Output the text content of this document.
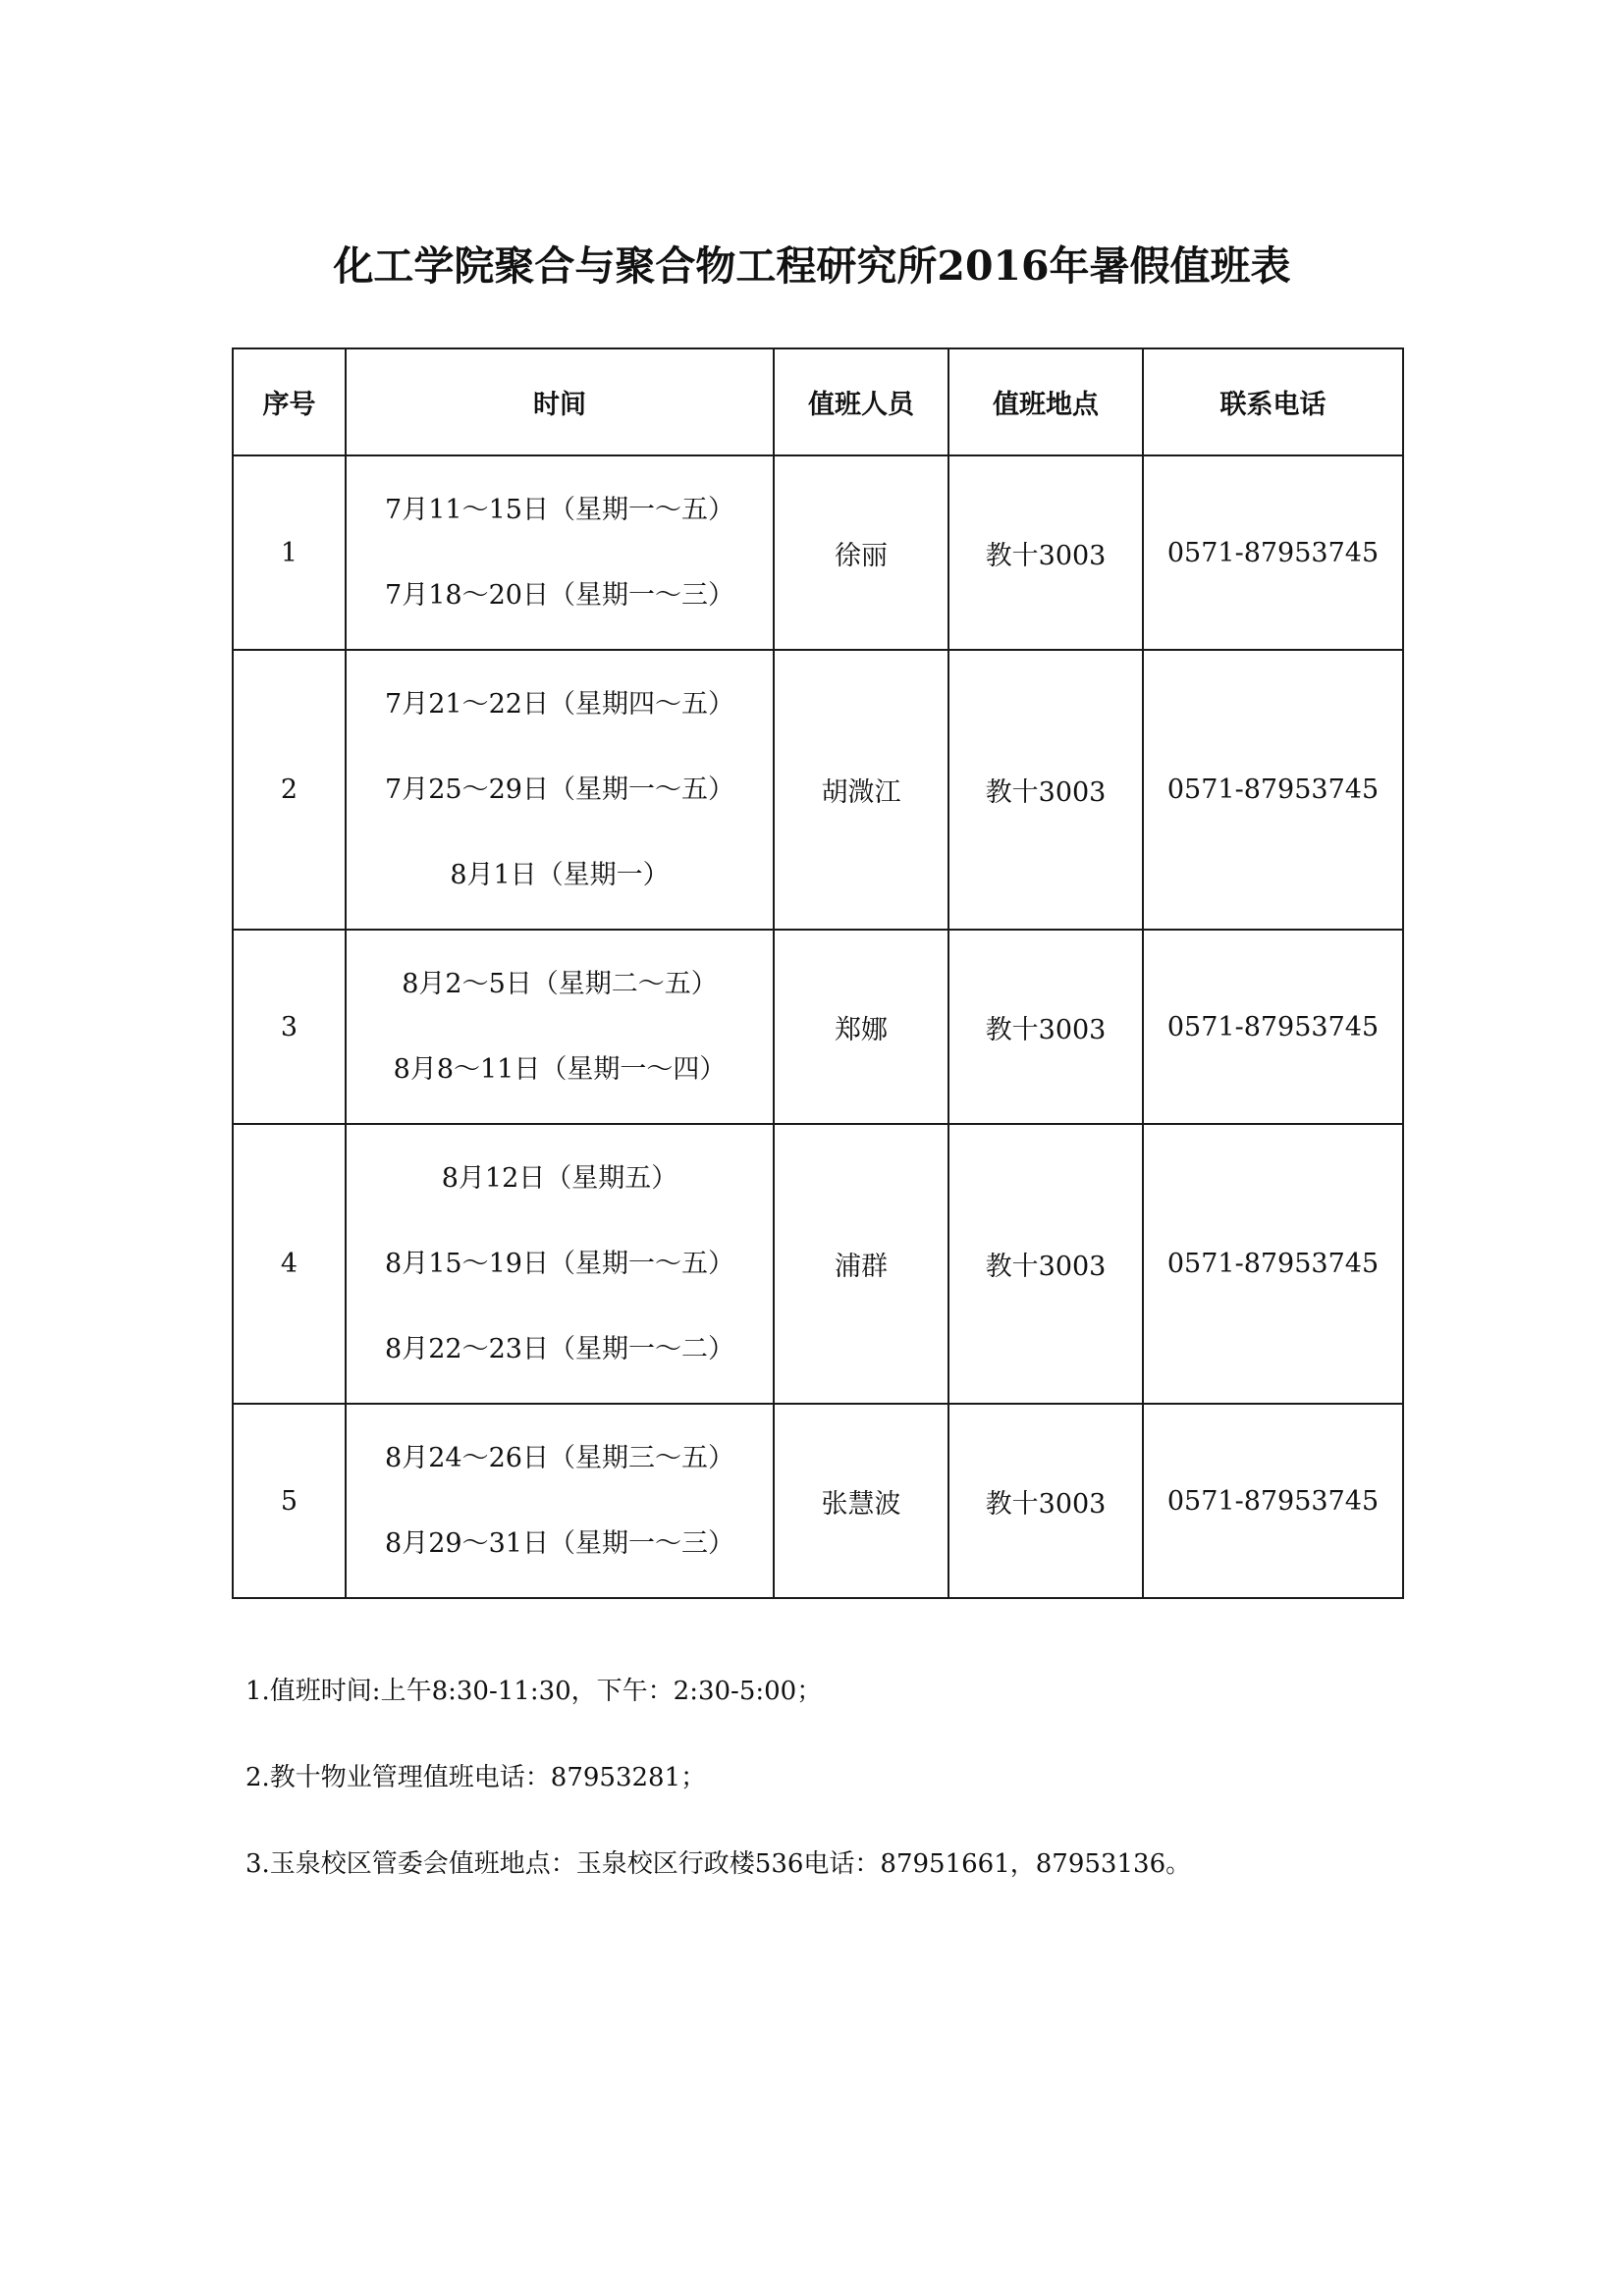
化工学院聚合与聚合物工程研究所2016年暑假值班表
序号	时间	值班人员	值班地点	联系电话
1	7月11～15日（星期一～五）
7月18～20日（星期一～三）	徐丽	教十3003	0571-87953745
2	7月21～22日（星期四～五）
7月25～29日（星期一～五）
8月1日（星期一）	胡溦江	教十3003	0571-87953745
3	8月2～5日（星期二～五）
8月8～11日（星期一～四）	郑娜	教十3003	0571-87953745
4	8月12日（星期五）
8月15～19日（星期一～五）
8月22～23日（星期一～二）	浦群	教十3003	0571-87953745
5	8月24～26日（星期三～五）
8月29～31日（星期一～三）	张慧波	教十3003	0571-87953745
1.值班时间:上午8:30-11:30，下午：2:30-5:00；
2.教十物业管理值班电话：87953281；
3.玉泉校区管委会值班地点：玉泉校区行政楼536电话：87951661，87953136。
